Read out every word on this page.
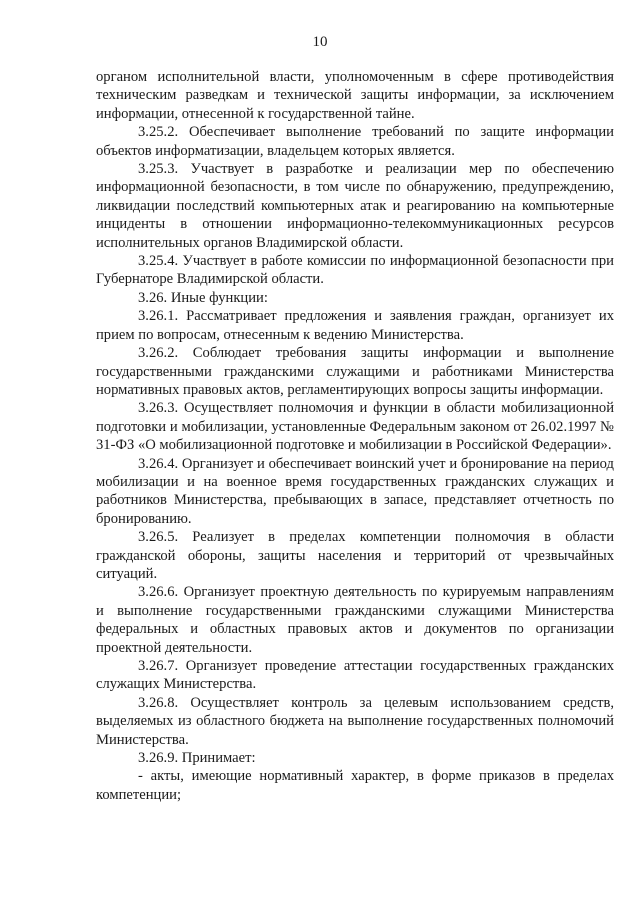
10

органом исполнительной власти, уполномоченным в сфере противодействия техническим разведкам и технической защиты информации, за исключением информации, отнесенной к государственной тайне.

3.25.2. Обеспечивает выполнение требований по защите информации объектов информатизации, владельцем которых является.

3.25.3. Участвует в разработке и реализации мер по обеспечению информационной безопасности, в том числе по обнаружению, предупреждению, ликвидации последствий компьютерных атак и реагированию на компьютерные инциденты в отношении информационно-телекоммуникационных ресурсов исполнительных органов Владимирской области.

3.25.4. Участвует в работе комиссии по информационной безопасности при Губернаторе Владимирской области.

3.26. Иные функции:

3.26.1. Рассматривает предложения и заявления граждан, организует их прием по вопросам, отнесенным к ведению Министерства.

3.26.2. Соблюдает требования защиты информации и выполнение государственными гражданскими служащими и работниками Министерства нормативных правовых актов, регламентирующих вопросы защиты информации.

3.26.3. Осуществляет полномочия и функции в области мобилизационной подготовки и мобилизации, установленные Федеральным законом от 26.02.1997 № 31-ФЗ «О мобилизационной подготовке и мобилизации в Российской Федерации».

3.26.4. Организует и обеспечивает воинский учет и бронирование на период мобилизации и на военное время государственных гражданских служащих и работников Министерства, пребывающих в запасе, представляет отчетность по бронированию.

3.26.5. Реализует в пределах компетенции полномочия в области гражданской обороны, защиты населения и территорий от чрезвычайных ситуаций.

3.26.6. Организует проектную деятельность по курируемым направлениям и выполнение государственными гражданскими служащими Министерства федеральных и областных правовых актов и документов по организации проектной деятельности.

3.26.7. Организует проведение аттестации государственных гражданских служащих Министерства.

3.26.8. Осуществляет контроль за целевым использованием средств, выделяемых из областного бюджета на выполнение государственных полномочий Министерства.

3.26.9. Принимает:

- акты, имеющие нормативный характер, в форме приказов в пределах компетенции;
